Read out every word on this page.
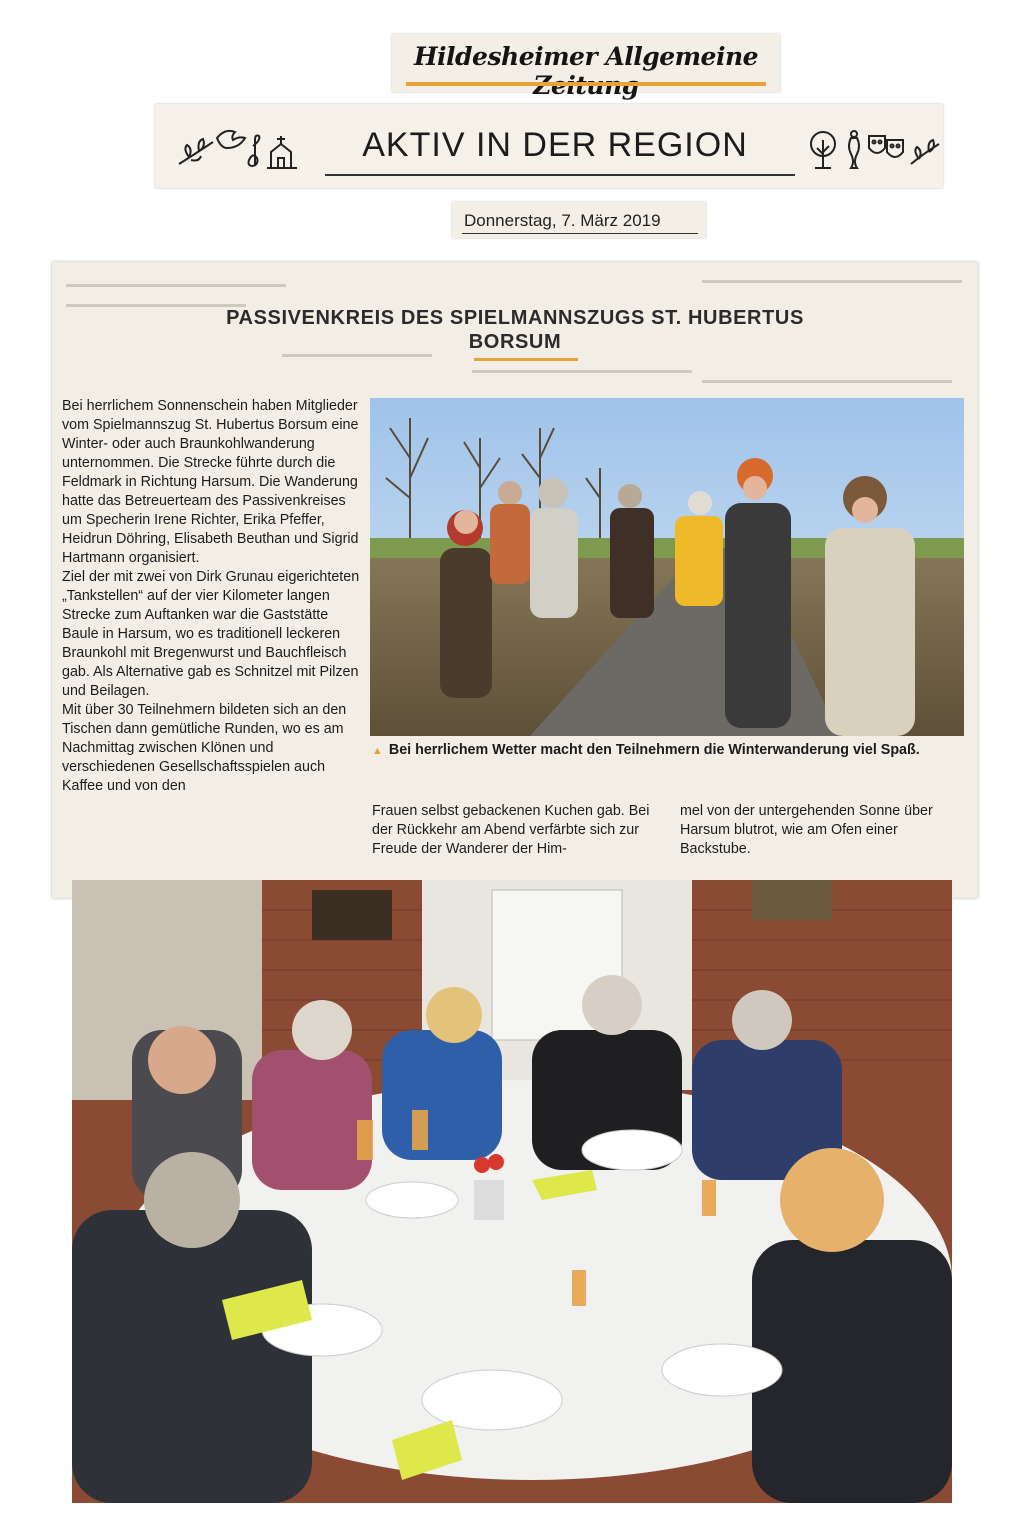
Hildesheimer Allgemeine
AKTIV IN DER REGION
Donnerstag, 7. März 2019
PASSIVENKREIS DES SPIELMANNSZUGS ST. HUBERTUS
BORSUM

Bei herrlichem Sonnenschein haben Mitglieder vom Spielmannszug St. Hubertus Borsum eine Winter- oder auch Braunkohlwanderung unternommen. Die Strecke führte durch die Feldmark in Richtung Harsum. Die Wanderung hatte das Betreuerteam des Passivenkreises um Specherin Irene Richter, Erika Pfeffer, Heidrun Döhring, Elisabeth Beuthan und Sigrid Hartmann organisiert.

Ziel der mit zwei von Dirk Grunau eigerichteten „Tankstellen“ auf der vier Kilometer langen Strecke zum Auftanken war die Gaststätte Baule in Harsum, wo es traditionell leckeren Braunkohl mit Bregenwurst und Bauchfleisch gab. Als Alternative gab es Schnitzel mit Pilzen und Beilagen.

Mit über 30 Teilnehmern bildeten sich an den Tischen dann gemütliche Runden, wo es am Nachmittag zwischen Klönen und verschiedenen Gesellschaftsspielen auch Kaffee und von den

▲ Bei herrlichem Wetter macht den Teilnehmern die Winterwanderung viel Spaß.

Frauen selbst gebackenen Kuchen gab. Bei der Rückkehr am Abend verfärbte sich zur Freude der Wanderer der Him-

mel von der untergehenden Sonne über Harsum blutrot, wie am Ofen einer Backstube.
